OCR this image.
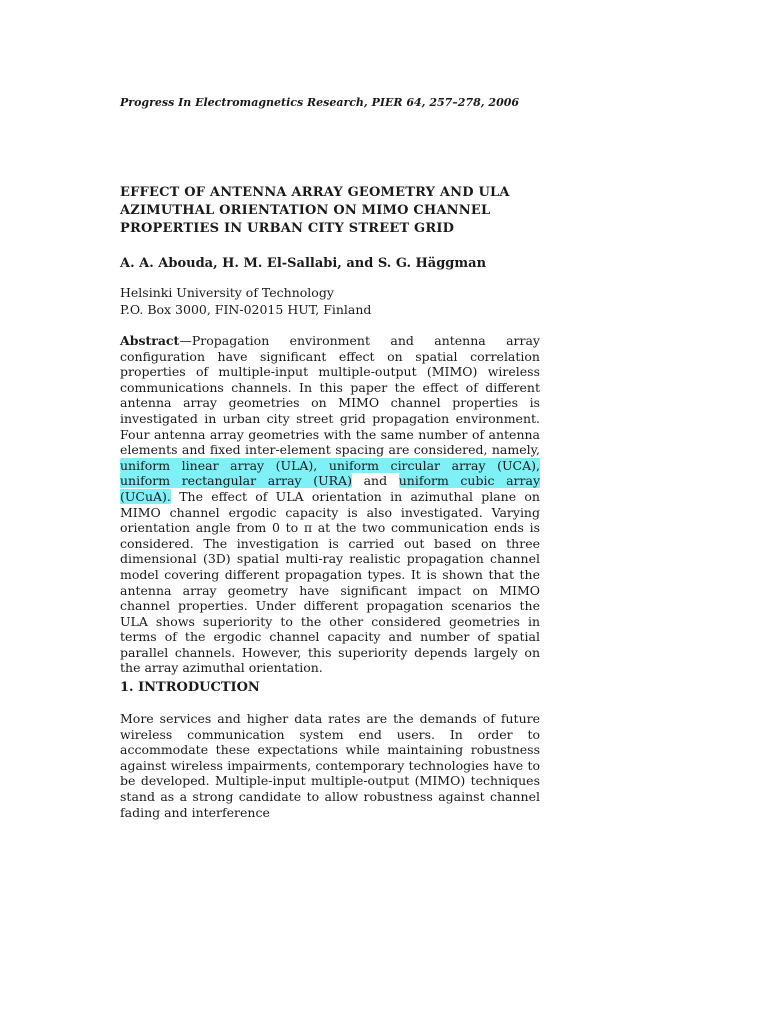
Progress In Electromagnetics Research, PIER 64, 257–278, 2006
EFFECT OF ANTENNA ARRAY GEOMETRY AND ULA
AZIMUTHAL ORIENTATION ON MIMO CHANNEL
PROPERTIES IN URBAN CITY STREET GRID
A. A. Abouda, H. M. El-Sallabi, and S. G. Häggman
Helsinki University of Technology
P.O. Box 3000, FIN-02015 HUT, Finland
Abstract—Propagation environment and antenna array configuration have significant effect on spatial correlation properties of multiple-input multiple-output (MIMO) wireless communications channels. In this paper the effect of different antenna array geometries on MIMO channel properties is investigated in urban city street grid propagation environment. Four antenna array geometries with the same number of antenna elements and fixed inter-element spacing are considered, namely, uniform linear array (ULA), uniform circular array (UCA), uniform rectangular array (URA) and uniform cubic array (UCuA). The effect of ULA orientation in azimuthal plane on MIMO channel ergodic capacity is also investigated. Varying orientation angle from 0 to π at the two communication ends is considered. The investigation is carried out based on three dimensional (3D) spatial multi-ray realistic propagation channel model covering different propagation types. It is shown that the antenna array geometry have significant impact on MIMO channel properties. Under different propagation scenarios the ULA shows superiority to the other considered geometries in terms of the ergodic channel capacity and number of spatial parallel channels. However, this superiority depends largely on the array azimuthal orientation.
1. INTRODUCTION
More services and higher data rates are the demands of future wireless communication system end users. In order to accommodate these expectations while maintaining robustness against wireless impairments, contemporary technologies have to be developed. Multiple-input multiple-output (MIMO) techniques stand as a strong candidate to allow robustness against channel fading and interference
